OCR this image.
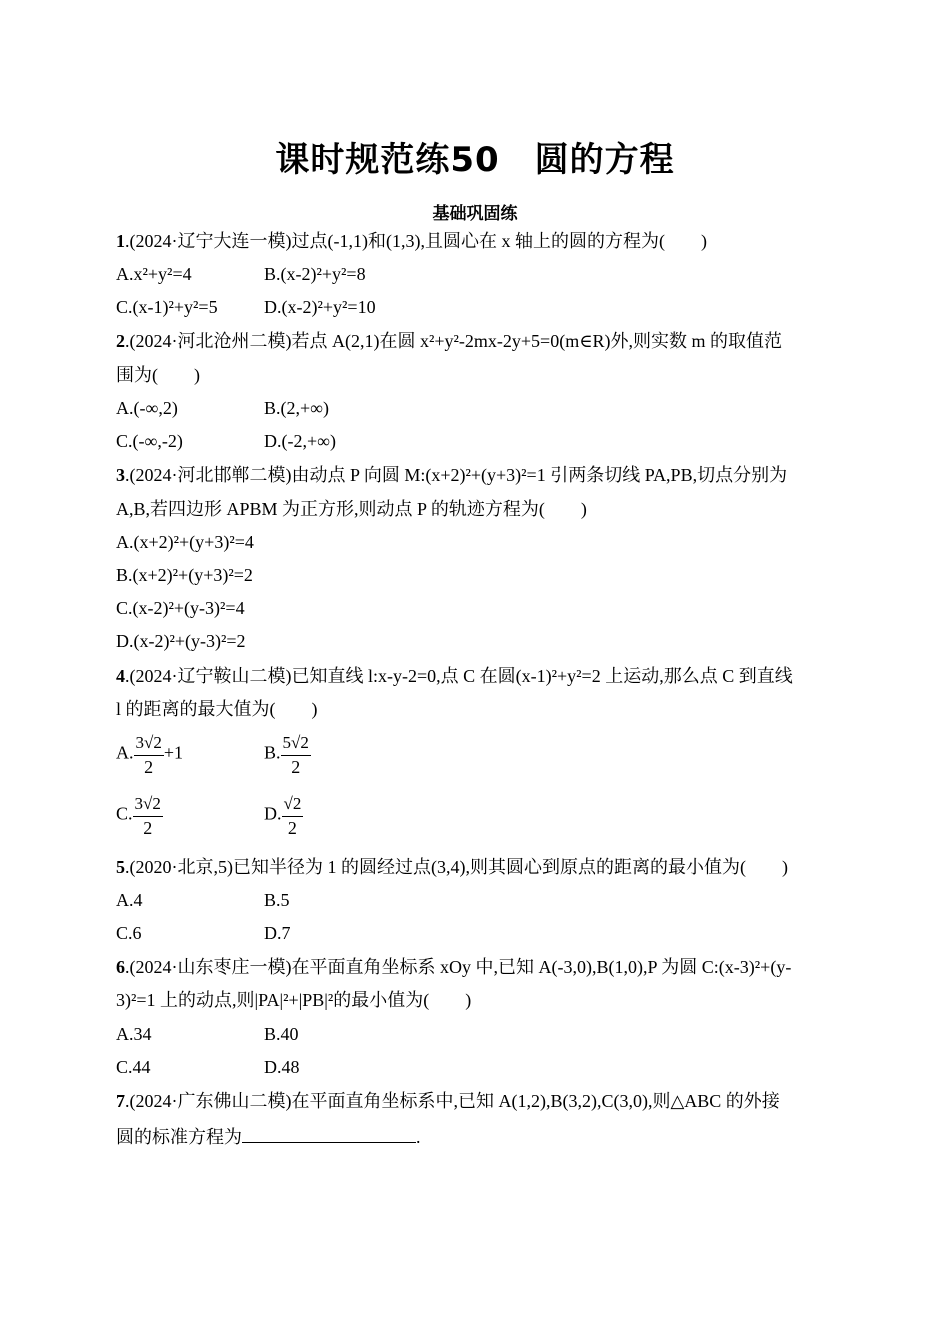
课时规范练50　圆的方程
基础巩固练
1.(2024·辽宁大连一模)过点(-1,1)和(1,3),且圆心在 x 轴上的圆的方程为(　　)
A.x²+y²=4	B.(x-2)²+y²=8
C.(x-1)²+y²=5	D.(x-2)²+y²=10
2.(2024·河北沧州二模)若点 A(2,1)在圆 x²+y²-2mx-2y+5=0(m∈R)外,则实数 m 的取值范
围为(　　)
A.(-∞,2)	B.(2,+∞)
C.(-∞,-2)	D.(-2,+∞)
3.(2024·河北邯郸二模)由动点 P 向圆 M:(x+2)²+(y+3)²=1 引两条切线 PA,PB,切点分别为
A,B,若四边形 APBM 为正方形,则动点 P 的轨迹方程为(　　)
A.(x+2)²+(y+3)²=4
B.(x+2)²+(y+3)²=2
C.(x-2)²+(y-3)²=4
D.(x-2)²+(y-3)²=2
4.(2024·辽宁鞍山二模)已知直线 l:x-y-2=0,点 C 在圆(x-1)²+y²=2 上运动,那么点 C 到直线
l 的距离的最大值为(　　)
A. $\frac{3√2}{2} +1$	B. $\frac{5√2}{2}$
C. $\frac{3√2}{2}$	D. $\frac{√2}{2}$
5.(2020·北京,5)已知半径为 1 的圆经过点(3,4),则其圆心到原点的距离的最小值为(　　)
A.4	B.5
C.6	D.7
6.(2024·山东枣庄一模)在平面直角坐标系 xOy 中,已知 A(-3,0),B(1,0),P 为圆 C:(x-3)²+(y-
3)²=1 上的动点,则|PA|²+|PB|²的最小值为(　　)
A.34	B.40
C.44	D.48
7.(2024·广东佛山二模)在平面直角坐标系中,已知 A(1,2),B(3,2),C(3,0),则△ABC 的外接
圆的标准方程为	.
